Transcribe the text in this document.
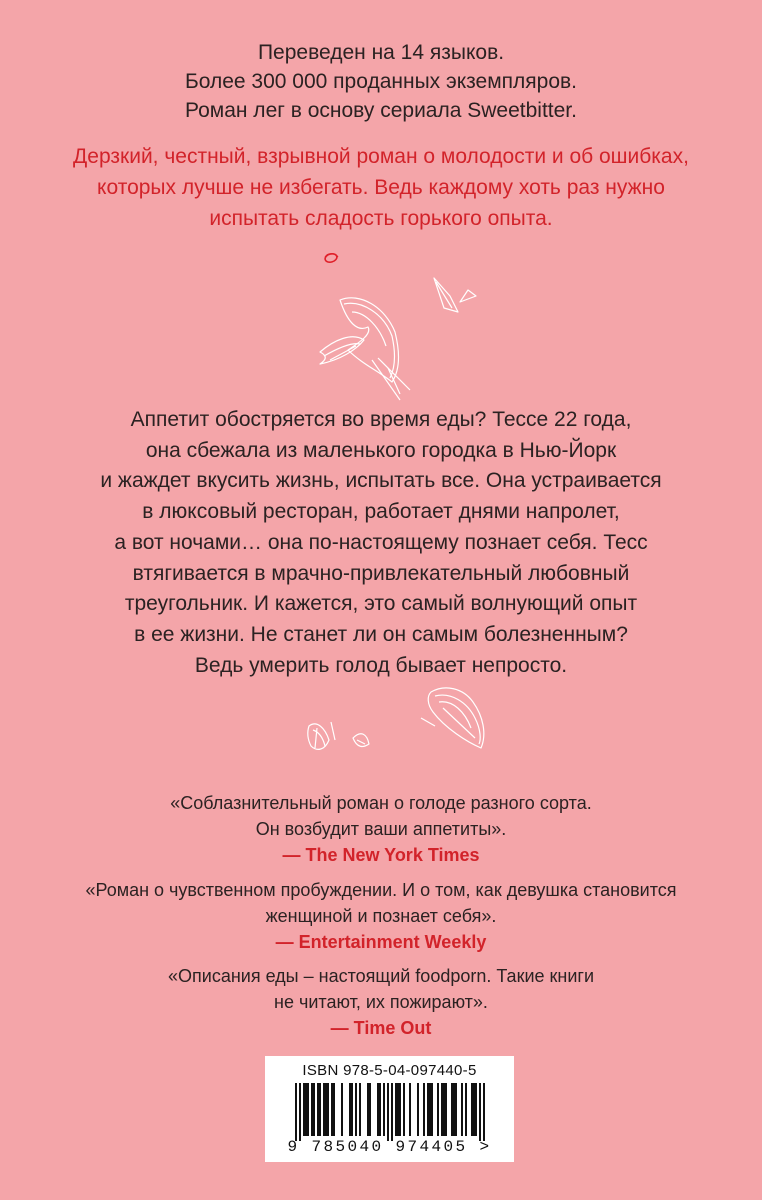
Переведен на 14 языков.
Более 300 000 проданных экземпляров.
Роман лег в основу сериала Sweetbitter.
Дерзкий, честный, взрывной роман о молодости и об ошибках,
которых лучше не избегать. Ведь каждому хоть раз нужно
испытать сладость горького опыта.
Аппетит обостряется во время еды? Тессе 22 года,
она сбежала из маленького городка в Нью-Йорк
и жаждет вкусить жизнь, испытать все. Она устраивается
в люксовый ресторан, работает днями напролет,
а вот ночами… она по-настоящему познает себя. Тесс
втягивается в мрачно-привлекательный любовный
треугольник. И кажется, это самый волнующий опыт
в ее жизни. Не станет ли он самым болезненным?
Ведь умерить голод бывает непросто.
«Соблазнительный роман о голоде разного сорта.
Он возбудит ваши аппетиты».
— The New York Times
«Роман о чувственном пробуждении. И о том, как девушка становится
женщиной и познает себя».
— Entertainment Weekly
«Описания еды – настоящий foodporn. Такие книги
не читают, их пожирают».
— Time Out
ISBN 978-5-04-097440-5
9 785040 974405 >
